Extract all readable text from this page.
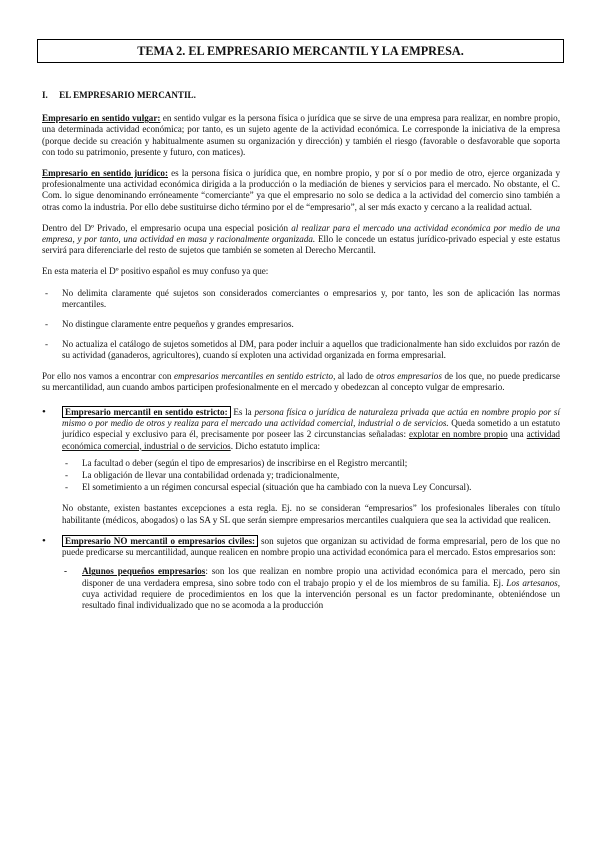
TEMA 2. EL EMPRESARIO MERCANTIL Y LA EMPRESA.

I.     EL EMPRESARIO MERCANTIL.

Empresario en sentido vulgar: en sentido vulgar es la persona física o jurídica que se sirve de una empresa para realizar, en nombre propio, una determinada actividad económica; por tanto, es un sujeto agente de la actividad económica. Le corresponde la iniciativa de la empresa (porque decide su creación y habitualmente asumen su organización y dirección) y también el riesgo (favorable o desfavorable que soporta con todo su patrimonio, presente y futuro, con matices).

Empresario en sentido jurídico: es la persona física o jurídica que, en nombre propio, y por sí o por medio de otro, ejerce organizada y profesionalmente una actividad económica dirigida a la producción o la mediación de bienes y servicios para el mercado. No obstante, el C. Com. lo sigue denominando erróneamente “comerciante” ya que el empresario no solo se dedica a la actividad del comercio sino también a otras como la industria. Por ello debe sustituirse dicho término por el de “empresario”, al ser más exacto y cercano a la realidad actual.

Dentro del Dº Privado, el empresario ocupa una especial posición al realizar para el mercado una actividad económica por medio de una empresa, y por tanto, una actividad en masa y racionalmente organizada. Ello le concede un estatus jurídico-privado especial y este estatus servirá para diferenciarle del resto de sujetos que también se someten al Derecho Mercantil.

En esta materia el Dº positivo español es muy confuso ya que:

- No delimita claramente qué sujetos son considerados comerciantes o empresarios y, por tanto, les son de aplicación las normas mercantiles.
- No distingue claramente entre pequeños y grandes empresarios.
- No actualiza el catálogo de sujetos sometidos al DM, para poder incluir a aquellos que tradicionalmente han sido excluidos por razón de su actividad (ganaderos, agricultores), cuando sí exploten una actividad organizada en forma empresarial.

Por ello nos vamos a encontrar con empresarios mercantiles en sentido estricto, al lado de otros empresarios de los que, no puede predicarse su mercantilidad, aun cuando ambos participen profesionalmente en el mercado y obedezcan al concepto vulgar de empresario.

•	Empresario mercantil en sentido estricto: Es la persona física o jurídica de naturaleza privada que actúa en nombre propio por sí mismo o por medio de otros y realiza para el mercado una actividad comercial, industrial o de servicios. Queda sometido a un estatuto jurídico especial y exclusivo para él, precisamente por poseer las 2 circunstancias señaladas: explotar en nombre propio una actividad económica comercial, industrial o de servicios. Dicho estatuto implica:
- La facultad o deber (según el tipo de empresarios) de inscribirse en el Registro mercantil;
- La obligación de llevar una contabilidad ordenada y; tradicionalmente,
- El sometimiento a un régimen concursal especial (situación que ha cambiado con la nueva Ley Concursal).

No obstante, existen bastantes excepciones a esta regla. Ej. no se consideran “empresarios” los profesionales liberales con título habilitante (médicos, abogados) o las SA y SL que serán siempre empresarios mercantiles cualquiera que sea la actividad que realicen.

•	Empresario NO mercantil o empresarios civiles: son sujetos que organizan su actividad de forma empresarial, pero de los que no puede predicarse su mercantilidad, aunque realicen en nombre propio una actividad económica para el mercado. Estos empresarios son:

- Algunos pequeños empresarios: son los que realizan en nombre propio una actividad económica para el mercado, pero sin disponer de una verdadera empresa, sino sobre todo con el trabajo propio y el de los miembros de su familia. Ej. Los artesanos, cuya actividad requiere de procedimientos en los que la intervención personal es un factor predominante, obteniéndose un resultado final individualizado que no se acomoda a la producción
